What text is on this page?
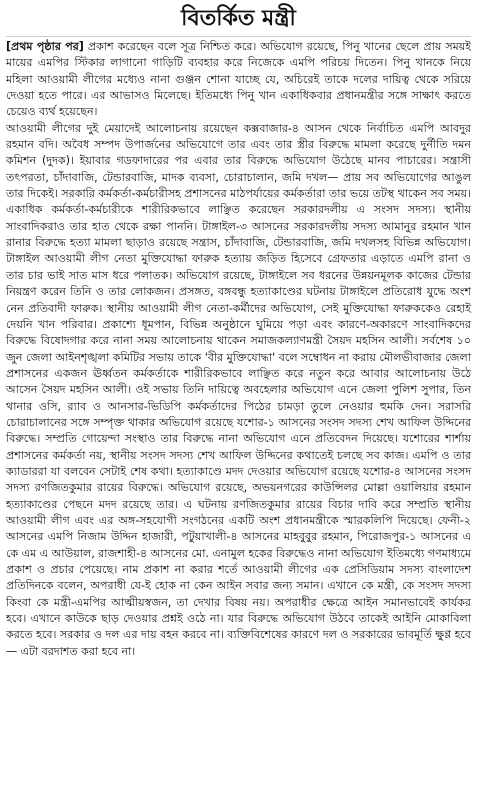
বিতর্কিত মন্ত্রী

[প্রথম পৃষ্ঠার পর] প্রকাশ করেছেন বলে সূত্র নিশ্চিত করে। অভিযোগ রয়েছে, পিনু খানের ছেলে প্রায় সময়ই মায়ের এমপির স্টিকার লাগানো গাড়িটি ব্যবহার করে নিজেকে এমপি পরিচয় দিতেন। পিনু খানকে নিয়ে মহিলা আওয়ামী লীগের মধ্যেও নানা গুঞ্জন শোনা যাচ্ছে যে, অচিরেই তাকে দলের দায়িত্ব থেকে সরিয়ে দেওয়া হতে পারে। এর আভাসও মিলেছে। ইতিমধ্যে পিনু খান একাধিকবার প্রধানমন্ত্রীর সঙ্গে সাক্ষাৎ করতে চেয়েও ব্যর্থ হয়েছেন।

আওয়ামী লীগের দুই মেয়াদেই আলোচনায় রয়েছেন কক্সবাজার-৪ আসন থেকে নির্বাচিত এমপি আবদুর রহমান বদি। অবৈধ সম্পদ উপার্জনের অভিযোগে তার এবং তার স্ত্রীর বিরুদ্ধে মামলা করেছে দুর্নীতি দমন কমিশন (দুদক)। ইয়াবার গডফাদারের পর এবার তার বিরুদ্ধে অভিযোগ উঠেছে মানব পাচারের। সন্ত্রাসী তৎপরতা, চাঁদাবাজি, টেন্ডারবাজি, মাদক ব্যবসা, চোরাচালান, জমি দখল— প্রায় সব অভিযোগের আঙুল তার দিকেই। সরকারি কর্মকর্তা-কর্মচারীসহ প্রশাসনের মাঠপর্যায়ের কর্মকর্তারা তার ভয়ে তটস্থ থাকেন সব সময়। একাধিক কর্মকর্তা-কর্মচারীকে শারীরিকভাবে লাঞ্ছিত করেছেন সরকারদলীয় এ সংসদ সদস্য। স্থানীয় সাংবাদিকরাও তার হাত থেকে রক্ষা পাননি। টাঙ্গাইল-৩ আসনের সরকারদলীয় সদস্য আমানুর রহমান খান রানার বিরুদ্ধে হত্যা মামলা ছাড়াও রয়েছে সন্ত্রাস, চাঁদাবাজি, টেন্ডারবাজি, জমি দখলসহ বিভিন্ন অভিযোগ। টাঙ্গাইল আওয়ামী লীগ নেতা মুক্তিযোদ্ধা ফারুক হত্যায় জড়িত হিসেবে গ্রেফতার এড়াতে এমপি রানা ও তার চার ভাই সাত মাস ধরে পলাতক। অভিযোগ রয়েছে, টাঙ্গাইলে সব ধরনের উন্নয়নমূলক কাজের টেন্ডার নিয়ন্ত্রণ করেন তিনি ও তার লোকজন। প্রসঙ্গত, বঙ্গবন্ধু হত্যাকাণ্ডের ঘটনায় টাঙ্গাইলে প্রতিরোধ যুদ্ধে অংশ নেন প্রতিবাদী ফারুক। স্থানীয় আওয়ামী লীগ নেতা-কর্মীদের অভিযোগ, সেই মুক্তিযোদ্ধা ফারুককেও রেহাই দেয়নি খান পরিবার। প্রকাশ্যে ধূমপান, বিভিন্ন অনুষ্ঠানে ঘুমিয়ে পড়া এবং কারণে-অকারণে সাংবাদিকদের বিরুদ্ধে বিষোদগার করে নানা সময় আলোচনায় থাকেন সমাজকল্যাণমন্ত্রী সৈয়দ মহসিন আলী। সর্বশেষ ১০ জুন জেলা আইনশৃঙ্খলা কমিটির সভায় তাকে 'বীর মুক্তিযোদ্ধা' বলে সম্বোধন না করায় মৌলভীবাজার জেলা প্রশাসনের একজন ঊর্ধ্বতন কর্মকর্তাকে শারীরিকভাবে লাঞ্ছিত করে নতুন করে আবার আলোচনায় উঠে আসেন সৈয়দ মহসিন আলী। ওই সভায় তিনি দায়িত্বে অবহেলার অভিযোগ এনে জেলা পুলিশ সুপার, তিন থানার ওসি, র‍্যাব ও আনসার-ভিডিপি কর্মকর্তাদের পিঠের চামড়া তুলে নেওয়ার হুমকি দেন। সরাসরি চোরাচালানের সঙ্গে সম্পৃক্ত থাকার অভিযোগ রয়েছে যশোর-১ আসনের সংসদ সদস্য শেখ আফিল উদ্দিনের বিরুদ্ধে। সম্প্রতি গোয়েন্দা সংস্থাও তার বিরুদ্ধে নানা অভিযোগ এনে প্রতিবেদন দিয়েছে। যশোরের শার্শায় প্রশাসনের কর্মকর্তা নয়, স্থানীয় সংসদ সদস্য শেখ আফিল উদ্দিনের কথাতেই চলছে সব কাজ। এমপি ও তার ক্যাডাররা যা বলবেন সেটাই শেষ কথা। হত্যাকাণ্ডে মদদ দেওয়ার অভিযোগ রয়েছে যশোর-৪ আসনের সংসদ সদস্য রণজিতকুমার রায়ের বিরুদ্ধে। অভিযোগ রয়েছে, অভয়নগরের কাউন্সিলর মোল্লা ওয়ালিয়ার রহমান হত্যাকাণ্ডের পেছনে মদদ রয়েছে তার। এ ঘটনায় রণজিতকুমার রায়ের বিচার দাবি করে সম্প্রতি স্থানীয় আওয়ামী লীগ এবং এর অঙ্গ-সহযোগী সংগঠনের একটি অংশ প্রধানমন্ত্রীকে স্মারকলিপি দিয়েছে। ফেনী-২ আসনের এমপি নিজাম উদ্দিন হাজারী, পটুয়াখালী-৪ আসনের মাহবুবুর রহমান, পিরোজপুর-১ আসনের এ কে এম এ আউয়াল, রাজশাহী-৪ আসনের মো. এনামুল হকের বিরুদ্ধেও নানা অভিযোগ ইতিমধ্যে গণমাধ্যমে প্রকাশ ও প্রচার পেয়েছে। নাম প্রকাশ না করার শর্তে আওয়ামী লীগের এক প্রেসিডিয়াম সদস্য বাংলাদেশ প্রতিদিনকে বলেন, অপরাধী যে-ই হোক না কেন আইন সবার জন্য সমান। এখানে কে মন্ত্রী, কে সংসদ সদস্য কিংবা কে মন্ত্রী-এমপির আত্মীয়স্বজন, তা দেখার বিষয় নয়। অপরাধীর ক্ষেত্রে আইন সমানভাবেই কার্যকর হবে। এখানে কাউকে ছাড় দেওয়ার প্রশ্নই ওঠে না। যার বিরুদ্ধে অভিযোগ উঠবে তাকেই আইনি মোকাবিলা করতে হবে। সরকার ও দল এর দায় বহন করবে না। ব্যক্তিবিশেষের কারণে দল ও সরকারের ভাবমূর্তি ক্ষুণ্ণ হবে— এটা বরদাশত করা হবে না।
